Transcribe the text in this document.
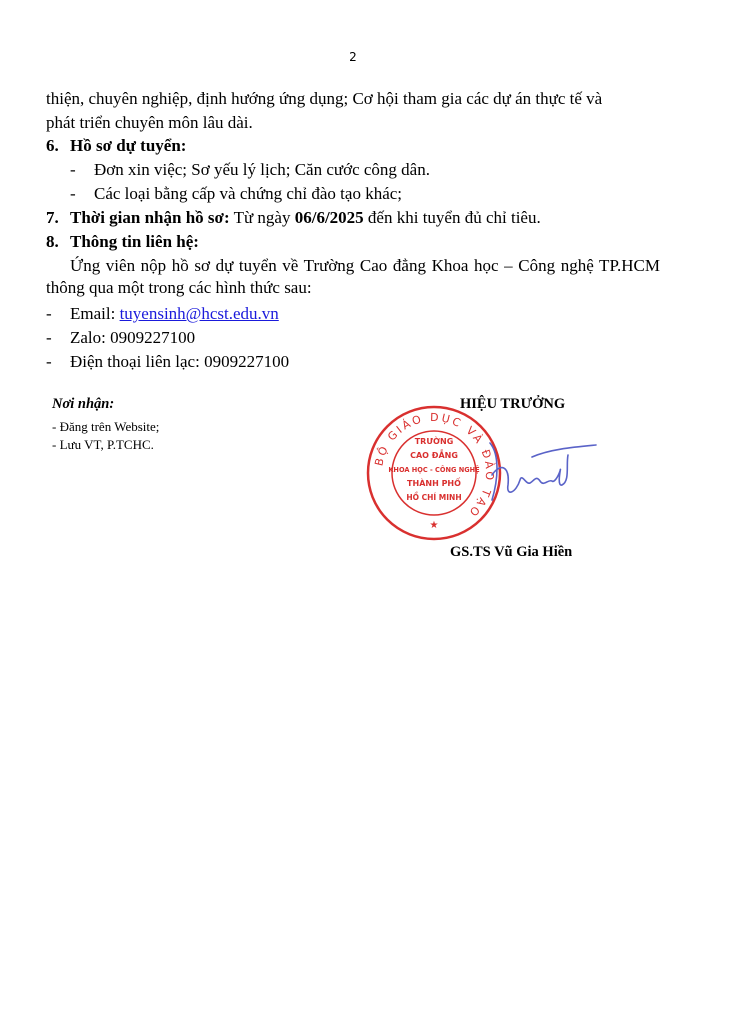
2
thiện, chuyên nghiệp, định hướng ứng dụng; Cơ hội tham gia các dự án thực tế và
phát triển chuyên môn lâu dài.
6. Hồ sơ dự tuyển:
- Đơn xin việc; Sơ yếu lý lịch; Căn cước công dân.
- Các loại bằng cấp và chứng chỉ đào tạo khác;
7. Thời gian nhận hồ sơ: Từ ngày 06/6/2025 đến khi tuyển đủ chỉ tiêu.
8. Thông tin liên hệ:
Ứng viên nộp hồ sơ dự tuyển về Trường Cao đẳng Khoa học – Công nghệ TP.HCM thông qua một trong các hình thức sau:
- Email: tuyensinh@hcst.edu.vn
- Zalo: 0909227100
- Điện thoại liên lạc: 0909227100
Nơi nhận:
- Đăng trên Website;
- Lưu VT, P.TCHC.
HIỆU TRƯỞNG
BỘ GIÁO DỤC VÀ ĐÀO TẠO
TRƯỜNG
CAO ĐẲNG
KHOA HỌC - CÔNG NGHỆ
THÀNH PHỐ
HỒ CHÍ MINH
★
GS.TS Vũ Gia Hiền
